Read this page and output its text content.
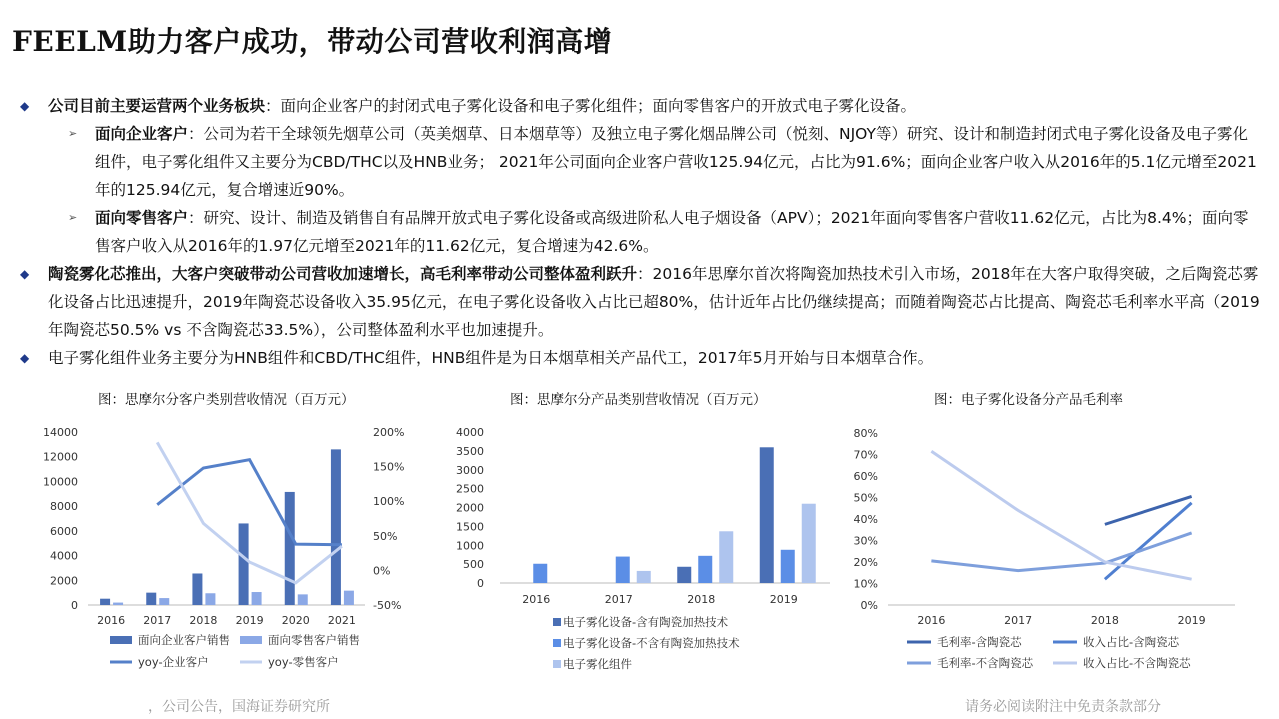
FEELM助力客户成功，带动公司营收利润高增

◆ 公司目前主要运营两个业务板块：面向企业客户的封闭式电子雾化设备和电子雾化组件；面向零售客户的开放式电子雾化设备。

➢ 面向企业客户：公司为若干全球领先烟草公司（英美烟草、日本烟草等）及独立电子雾化烟品牌公司（悦刻、NJOY等）研究、设计和制造封闭式电子雾化设备及电子雾化组件，电子雾化组件又主要分为CBD/THC以及HNB业务； 2021年公司面向企业客户营收125.94亿元，占比为91.6%；面向企业客户收入从2016年的5.1亿元增至2021年的125.94亿元，复合增速近90%。

➢ 面向零售客户：研究、设计、制造及销售自有品牌开放式电子雾化设备或高级进阶私人电子烟设备（APV）；2021年面向零售客户营收11.62亿元，占比为8.4%；面向零售客户收入从2016年的1.97亿元增至2021年的11.62亿元，复合增速为42.6%。

◆ 陶瓷雾化芯推出，大客户突破带动公司营收加速增长，高毛利率带动公司整体盈利跃升：2016年思摩尔首次将陶瓷加热技术引入市场，2018年在大客户取得突破，之后陶瓷芯雾化设备占比迅速提升，2019年陶瓷芯设备收入35.95亿元，在电子雾化设备收入占比已超80%，估计近年占比仍继续提高；而随着陶瓷芯占比提高、陶瓷芯毛利率水平高（2019年陶瓷芯50.5% vs 不含陶瓷芯33.5%），公司整体盈利水平也加速提升。

◆ 电子雾化组件业务主要分为HNB组件和CBD/THC组件，HNB组件是为日本烟草相关产品代工，2017年5月开始与日本烟草合作。

图：思摩尔分客户类别营收情况（百万元）	图：思摩尔分产品类别营收情况（百万元）	图：电子雾化设备分产品毛利率
0
2000
4000
6000
8000
10000
12000
14000
-50%
0%
50%
100%
150%
200%
2016 2017 2018 2019 2020 2021
面向企业客户销售	面向零售客户销售
yoy-企业客户	yoy-零售客户
0
500
1000
1500
2000
2500
3000
3500
4000
2016	2017	2018	2019
电子雾化设备-含有陶瓷加热技术
电子雾化设备-不含有陶瓷加热技术
电子雾化组件
0%
10%
20%
30%
40%
50%
60%
70%
80%
2016	2017	2018	2019
毛利率-含陶瓷芯	收入占比-含陶瓷芯
毛利率-不含陶瓷芯	收入占比-不含陶瓷芯
，公司公告，国海证券研究所	请务必阅读附注中免责条款部分
